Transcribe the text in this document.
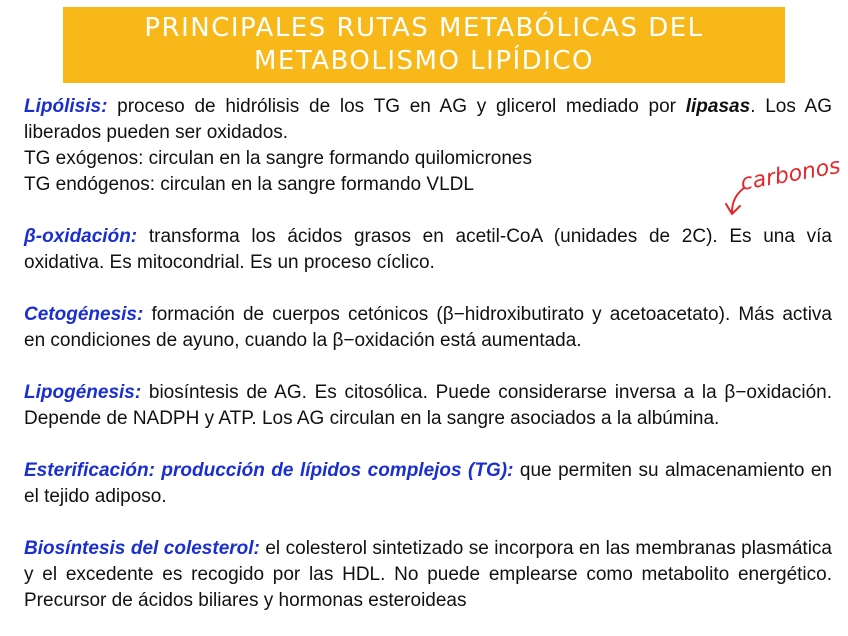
PRINCIPALES RUTAS METABÓLICAS DEL
METABOLISMO LIPÍDICO

Lipólisis: proceso de hidrólisis de los TG en AG y glicerol mediado por lipasas. Los AG liberados pueden ser oxidados.

TG exógenos: circulan en la sangre formando quilomicrones
TG endógenos: circulan en la sangre formando VLDL

β-oxidación: transforma los ácidos grasos en acetil-CoA (unidades de 2C). Es una vía oxidativa. Es mitocondrial. Es un proceso cíclico.

Cetogénesis: formación de cuerpos cetónicos (β−hidroxibutirato y acetoacetato). Más activa en condiciones de ayuno, cuando la β−oxidación está aumentada.

Lipogénesis: biosíntesis de AG. Es citosólica. Puede considerarse inversa a la β−oxidación. Depende de NADPH y ATP. Los AG circulan en la sangre asociados a la albúmina.

Esterificación: producción de lípidos complejos (TG): que permiten su almacenamiento en el tejido adiposo.

Biosíntesis del colesterol: el colesterol sintetizado se incorpora en las membranas plasmática y el excedente es recogido por las HDL. No puede emplearse como metabolito energético. Precursor de ácidos biliares y hormonas esteroideas

carbonos
